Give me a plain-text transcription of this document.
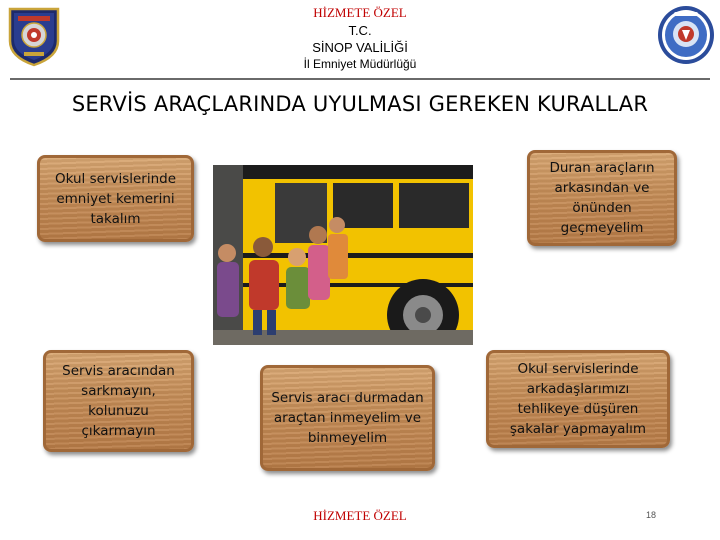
HİZMETE ÖZEL
T.C.
SİNOP VALİLİĞİ
İl Emniyet Müdürlüğü
SERVİS ARAÇLARINDA UYULMASI GEREKEN KURALLAR
Okul servislerinde emniyet kemerini takalım
Duran araçların arkasından ve önünden geçmeyelim
Servis aracından sarkmayın, kolunuzu çıkarmayın
Servis aracı durmadan araçtan inmeyelim ve binmeyelim
Okul servislerinde arkadaşlarımızı tehlikeye düşüren şakalar yapmayalım
HİZMETE ÖZEL	18
